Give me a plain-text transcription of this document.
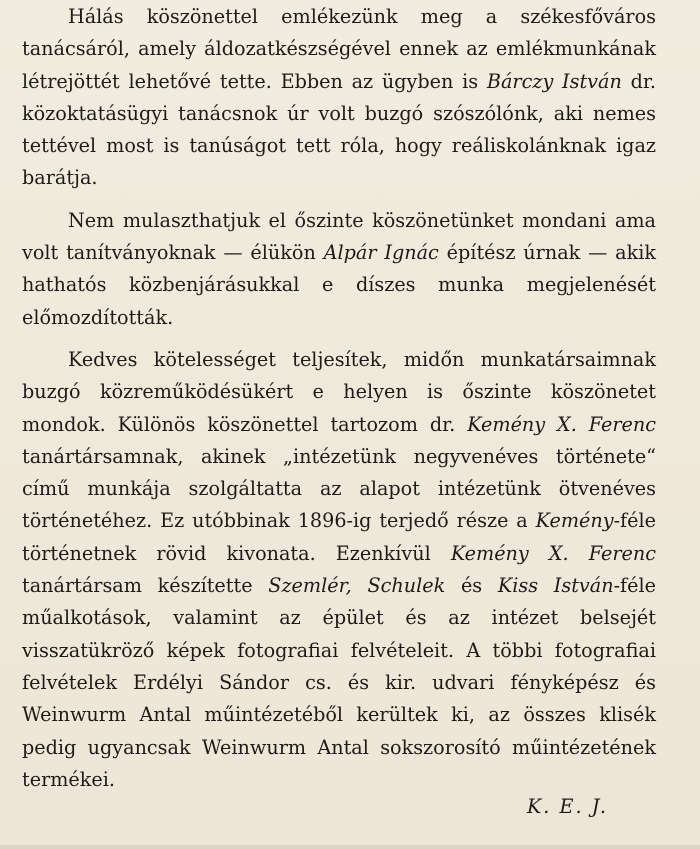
Hálás köszönettel emlékezünk meg a székesfőváros tanácsáról, amely áldozatkészségével ennek az emlékmunkának létrejöttét lehetővé tette. Ebben az ügyben is Bárczy István dr. közoktatásügyi tanácsnok úr volt buzgó szószólónk, aki nemes tettével most is tanúságot tett róla, hogy reáliskolánknak igaz barátja.

Nem mulaszthatjuk el őszinte köszönetünket mondani ama volt tanítványoknak — élükön Alpár Ignác építész úrnak — akik hathatós közbenjárásukkal e díszes munka megjelenését előmozdították.

Kedves kötelességet teljesítek, midőn munkatársaimnak buzgó közreműködésükért e helyen is őszinte köszönetet mondok. Különös köszönettel tartozom dr. Kemény X. Ferenc tanártársamnak, akinek „intézetünk negyvenéves története“ című munkája szolgáltatta az alapot intézetünk ötvenéves történetéhez. Ez utóbbinak 1896-ig terjedő része a Kemény-féle történetnek rövid kivonata. Ezenkívül Kemény X. Ferenc tanártársam készítette Szemlér, Schulek és Kiss István-féle műalkotások, valamint az épület és az intézet belsejét visszatükröző képek fotografiai felvételeit. A többi fotografiai felvételek Erdélyi Sándor cs. és kir. udvari fényképész és Weinwurm Antal műintézetéből kerültek ki, az összes klisék pedig ugyancsak Weinwurm Antal sokszorosító műintézetének termékei.

K. E. J.
